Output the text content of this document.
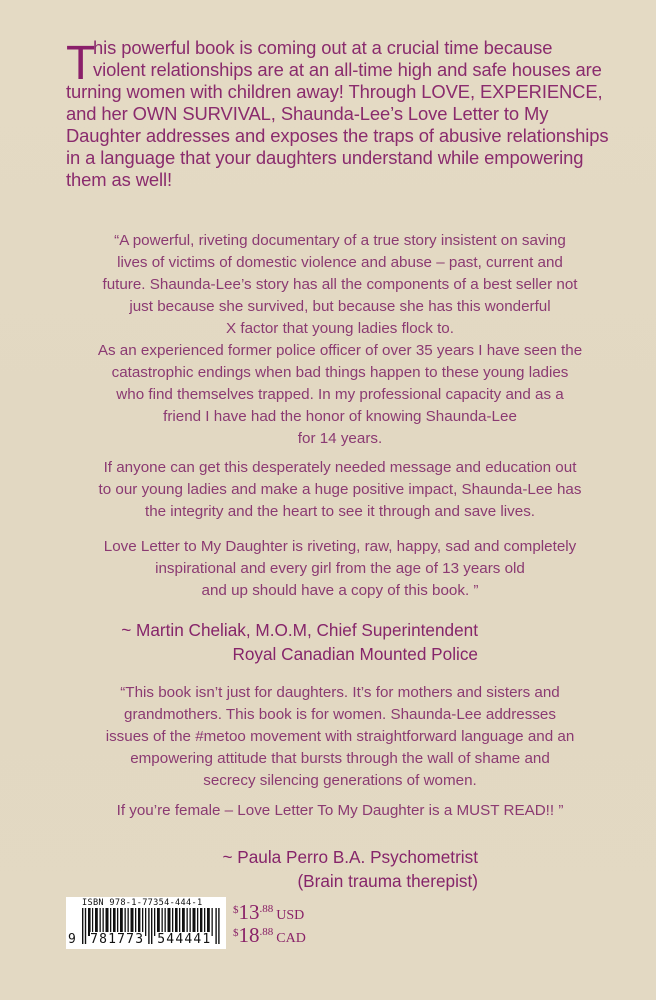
T
his powerful book is coming out at a crucial time because
violent relationships are at an all-time high and safe houses are
turning women with children away! Through LOVE, EXPERIENCE,
and her OWN SURVIVAL, Shaunda-Lee’s Love Letter to My
Daughter addresses and exposes the traps of abusive relationships
in a language that your daughters understand while empowering
them as well!
“A powerful, riveting documentary of a true story insistent on saving
lives of victims of domestic violence and abuse – past, current and
future. Shaunda-Lee’s story has all the components of a best seller not
just because she survived, but because she has this wonderful
X factor that young ladies flock to.
As an experienced former police officer of over 35 years I have seen the
catastrophic endings when bad things happen to these young ladies
who find themselves trapped. In my professional capacity and as a
friend I have had the honor of knowing Shaunda-Lee
for 14 years.
If anyone can get this desperately needed message and education out
to our young ladies and make a huge positive impact, Shaunda-Lee has
the integrity and the heart to see it through and save lives.
Love Letter to My Daughter is riveting, raw, happy, sad and completely
inspirational and every girl from the age of 13 years old
and up should have a copy of this book. ”
~ Martin Cheliak, M.O.M, Chief Superintendent
Royal Canadian Mounted Police
“This book isn’t just for daughters. It’s for mothers and sisters and
grandmothers. This book is for women. Shaunda-Lee addresses
issues of the #metoo movement with straightforward language and an
empowering attitude that bursts through the wall of shame and
secrecy silencing generations of women.
If you’re female – Love Letter To My Daughter is a MUST READ!! ”
~ Paula Perro B.A. Psychometrist
(Brain trauma therepist)
ISBN 978-1-77354-444-1
9 781773 544441
$^{\$}13^{.88}$ USD
$^{\$}18^{.88}$ CAD
